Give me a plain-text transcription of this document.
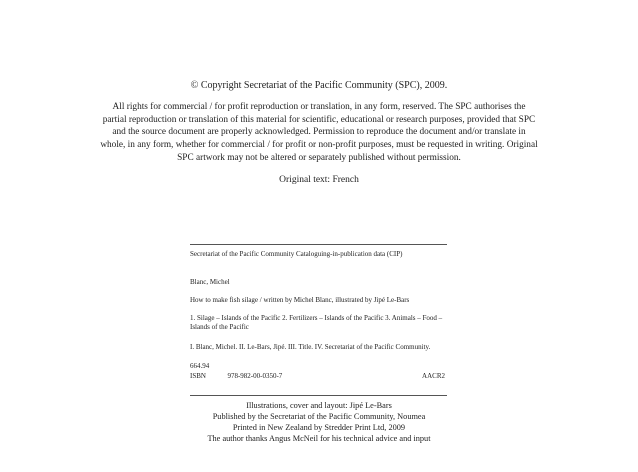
© Copyright Secretariat of the Pacific Community (SPC), 2009.
All rights for commercial / for profit reproduction or translation, in any form, reserved. The SPC authorises the partial reproduction or translation of this material for scientific, educational or research purposes, provided that SPC and the source document are properly acknowledged. Permission to reproduce the document and/or translate in whole, in any form, whether for commercial / for profit or non-profit purposes, must be requested in writing. Original SPC artwork may not be altered or separately published without permission.
Original text: French
Secretariat of the Pacific Community Cataloguing-in-publication data (CIP)
Blanc, Michel
How to make fish silage / written by Michel Blanc, illustrated by Jipé Le-Bars
1. Silage – Islands of the Pacific 2. Fertilizers – Islands of the Pacific 3. Animals – Food – Islands of the Pacific
I. Blanc, Michel. II. Le-Bars, Jipé. III. Title. IV. Secretariat of the Pacific Community.
664.94
ISBN	978-982-00-0350-7	AACR2
Illustrations, cover and layout: Jipé Le-Bars
Published by the Secretariat of the Pacific Community, Noumea
Printed in New Zealand by Stredder Print Ltd, 2009
The author thanks Angus McNeil for his technical advice and input
